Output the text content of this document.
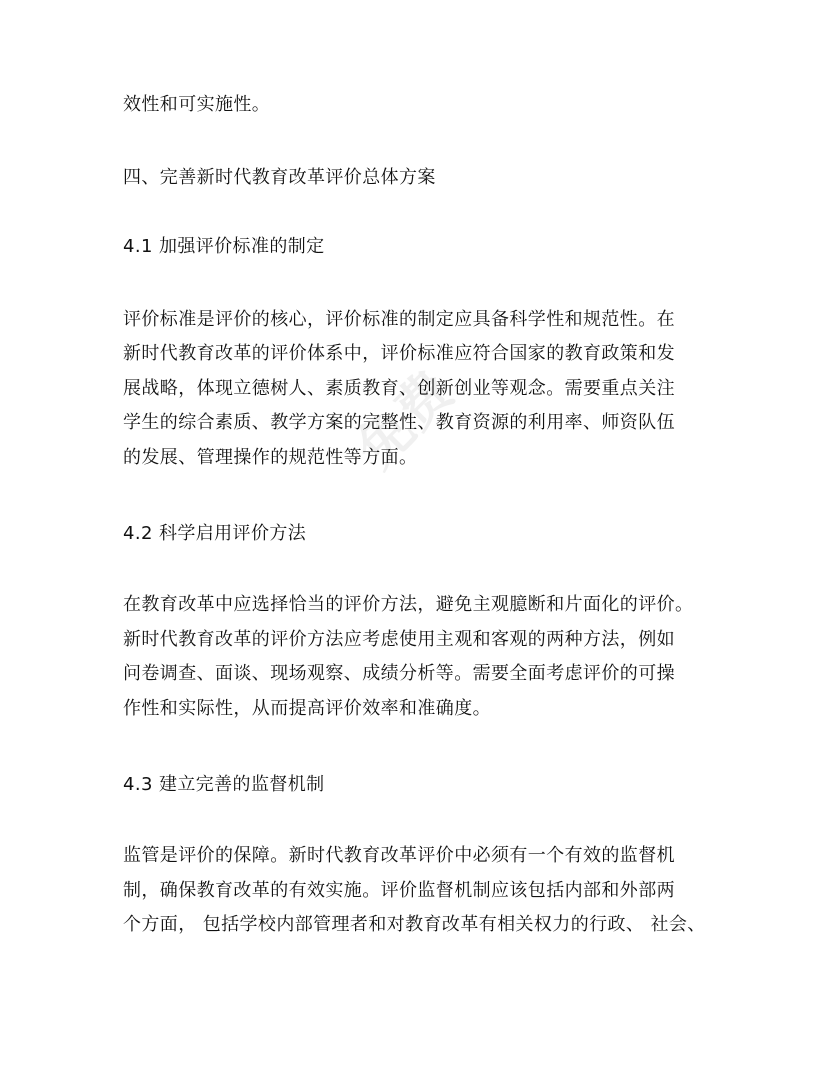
免费
效性和可实施性。
四、完善新时代教育改革评价总体方案
4.1 加强评价标准的制定
评价标准是评价的核心，评价标准的制定应具备科学性和规范性。在
新时代教育改革的评价体系中，评价标准应符合国家的教育政策和发
展战略，体现立德树人、素质教育、创新创业等观念。需要重点关注
学生的综合素质、教学方案的完整性、教育资源的利用率、师资队伍
的发展、管理操作的规范性等方面。
4.2 科学启用评价方法
在教育改革中应选择恰当的评价方法，避免主观臆断和片面化的评价。
新时代教育改革的评价方法应考虑使用主观和客观的两种方法，例如
问卷调查、面谈、现场观察、成绩分析等。需要全面考虑评价的可操
作性和实际性，从而提高评价效率和准确度。
4.3 建立完善的监督机制
监管是评价的保障。新时代教育改革评价中必须有一个有效的监督机
制，确保教育改革的有效实施。评价监督机制应该包括内部和外部两
个方面， 包括学校内部管理者和对教育改革有相关权力的行政、 社会、
